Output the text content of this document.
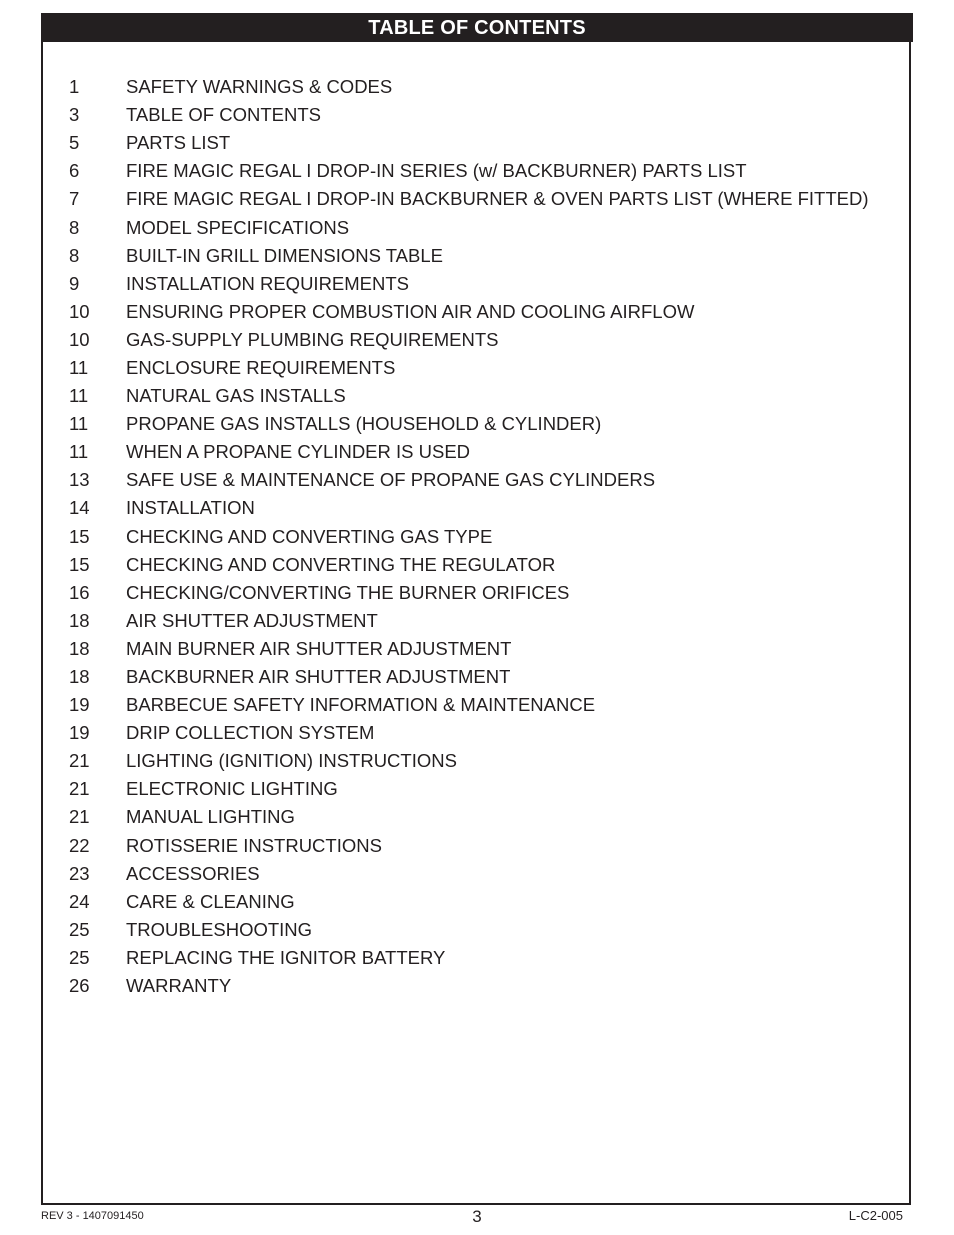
TABLE OF CONTENTS
1	SAFETY WARNINGS & CODES
3	TABLE OF CONTENTS
5	PARTS LIST
6	FIRE MAGIC REGAL I DROP-IN SERIES (w/ BACKBURNER) PARTS LIST
7	FIRE MAGIC REGAL I DROP-IN BACKBURNER & OVEN PARTS LIST (WHERE FITTED)
8	MODEL SPECIFICATIONS
8	BUILT-IN GRILL DIMENSIONS TABLE
9	INSTALLATION REQUIREMENTS
10	ENSURING PROPER COMBUSTION AIR AND COOLING AIRFLOW
10	GAS-SUPPLY PLUMBING REQUIREMENTS
11	ENCLOSURE REQUIREMENTS
11	NATURAL GAS INSTALLS
11	PROPANE GAS INSTALLS (HOUSEHOLD & CYLINDER)
11	WHEN A PROPANE CYLINDER IS USED
13	SAFE USE & MAINTENANCE OF PROPANE GAS CYLINDERS
14	INSTALLATION
15	CHECKING AND CONVERTING GAS TYPE
15	CHECKING AND CONVERTING THE REGULATOR
16	CHECKING/CONVERTING THE BURNER ORIFICES
18	AIR SHUTTER ADJUSTMENT
18	MAIN BURNER AIR SHUTTER ADJUSTMENT
18	BACKBURNER AIR SHUTTER ADJUSTMENT
19	BARBECUE SAFETY INFORMATION & MAINTENANCE
19	DRIP COLLECTION SYSTEM
21	LIGHTING (IGNITION) INSTRUCTIONS
21	ELECTRONIC LIGHTING
21	MANUAL LIGHTING
22	ROTISSERIE INSTRUCTIONS
23	ACCESSORIES
24	CARE & CLEANING
25	TROUBLESHOOTING
25	REPLACING THE IGNITOR BATTERY
26	WARRANTY
REV 3 - 1407091450	3	L-C2-005
